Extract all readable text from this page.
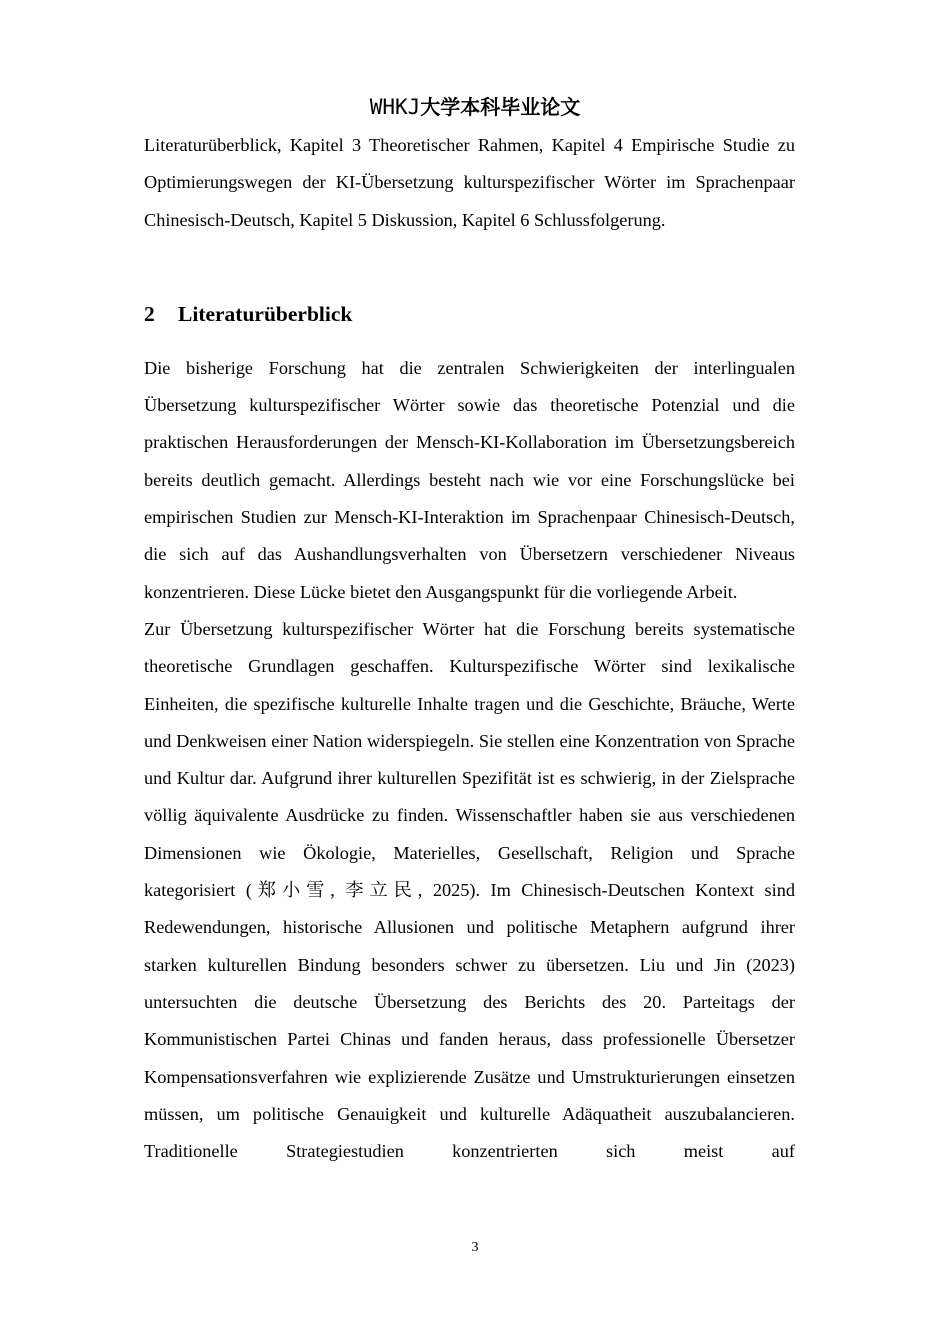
WHKJ大学本科毕业论文

Literaturüberblick, Kapitel 3 Theoretischer Rahmen, Kapitel 4 Empirische Studie zu Optimierungswegen der KI-Übersetzung kulturspezifischer Wörter im Sprachenpaar Chinesisch-Deutsch, Kapitel 5 Diskussion, Kapitel 6 Schlussfolgerung.

2	Literaturüberblick

Die bisherige Forschung hat die zentralen Schwierigkeiten der interlingualen Übersetzung kulturspezifischer Wörter sowie das theoretische Potenzial und die praktischen Herausforderungen der Mensch-KI-Kollaboration im Übersetzungsbereich bereits deutlich gemacht. Allerdings besteht nach wie vor eine Forschungslücke bei empirischen Studien zur Mensch-KI-Interaktion im Sprachenpaar Chinesisch-Deutsch, die sich auf das Aushandlungsverhalten von Übersetzern verschiedener Niveaus konzentrieren. Diese Lücke bietet den Ausgangspunkt für die vorliegende Arbeit.

Zur Übersetzung kulturspezifischer Wörter hat die Forschung bereits systematische theoretische Grundlagen geschaffen. Kulturspezifische Wörter sind lexikalische Einheiten, die spezifische kulturelle Inhalte tragen und die Geschichte, Bräuche, Werte und Denkweisen einer Nation widerspiegeln. Sie stellen eine Konzentration von Sprache und Kultur dar. Aufgrund ihrer kulturellen Spezifität ist es schwierig, in der Zielsprache völlig äquivalente Ausdrücke zu finden. Wissenschaftler haben sie aus verschiedenen Dimensionen wie Ökologie, Materielles, Gesellschaft, Religion und Sprache kategorisiert (郑小雪, 李立民, 2025). Im Chinesisch-Deutschen Kontext sind Redewendungen, historische Allusionen und politische Metaphern aufgrund ihrer starken kulturellen Bindung besonders schwer zu übersetzen. Liu und Jin (2023) untersuchten die deutsche Übersetzung des Berichts des 20. Parteitags der Kommunistischen Partei Chinas und fanden heraus, dass professionelle Übersetzer Kompensationsverfahren wie explizierende Zusätze und Umstrukturierungen einsetzen müssen, um politische Genauigkeit und kulturelle Adäquatheit auszubalancieren. Traditionelle Strategiestudien konzentrierten sich meist auf

3
